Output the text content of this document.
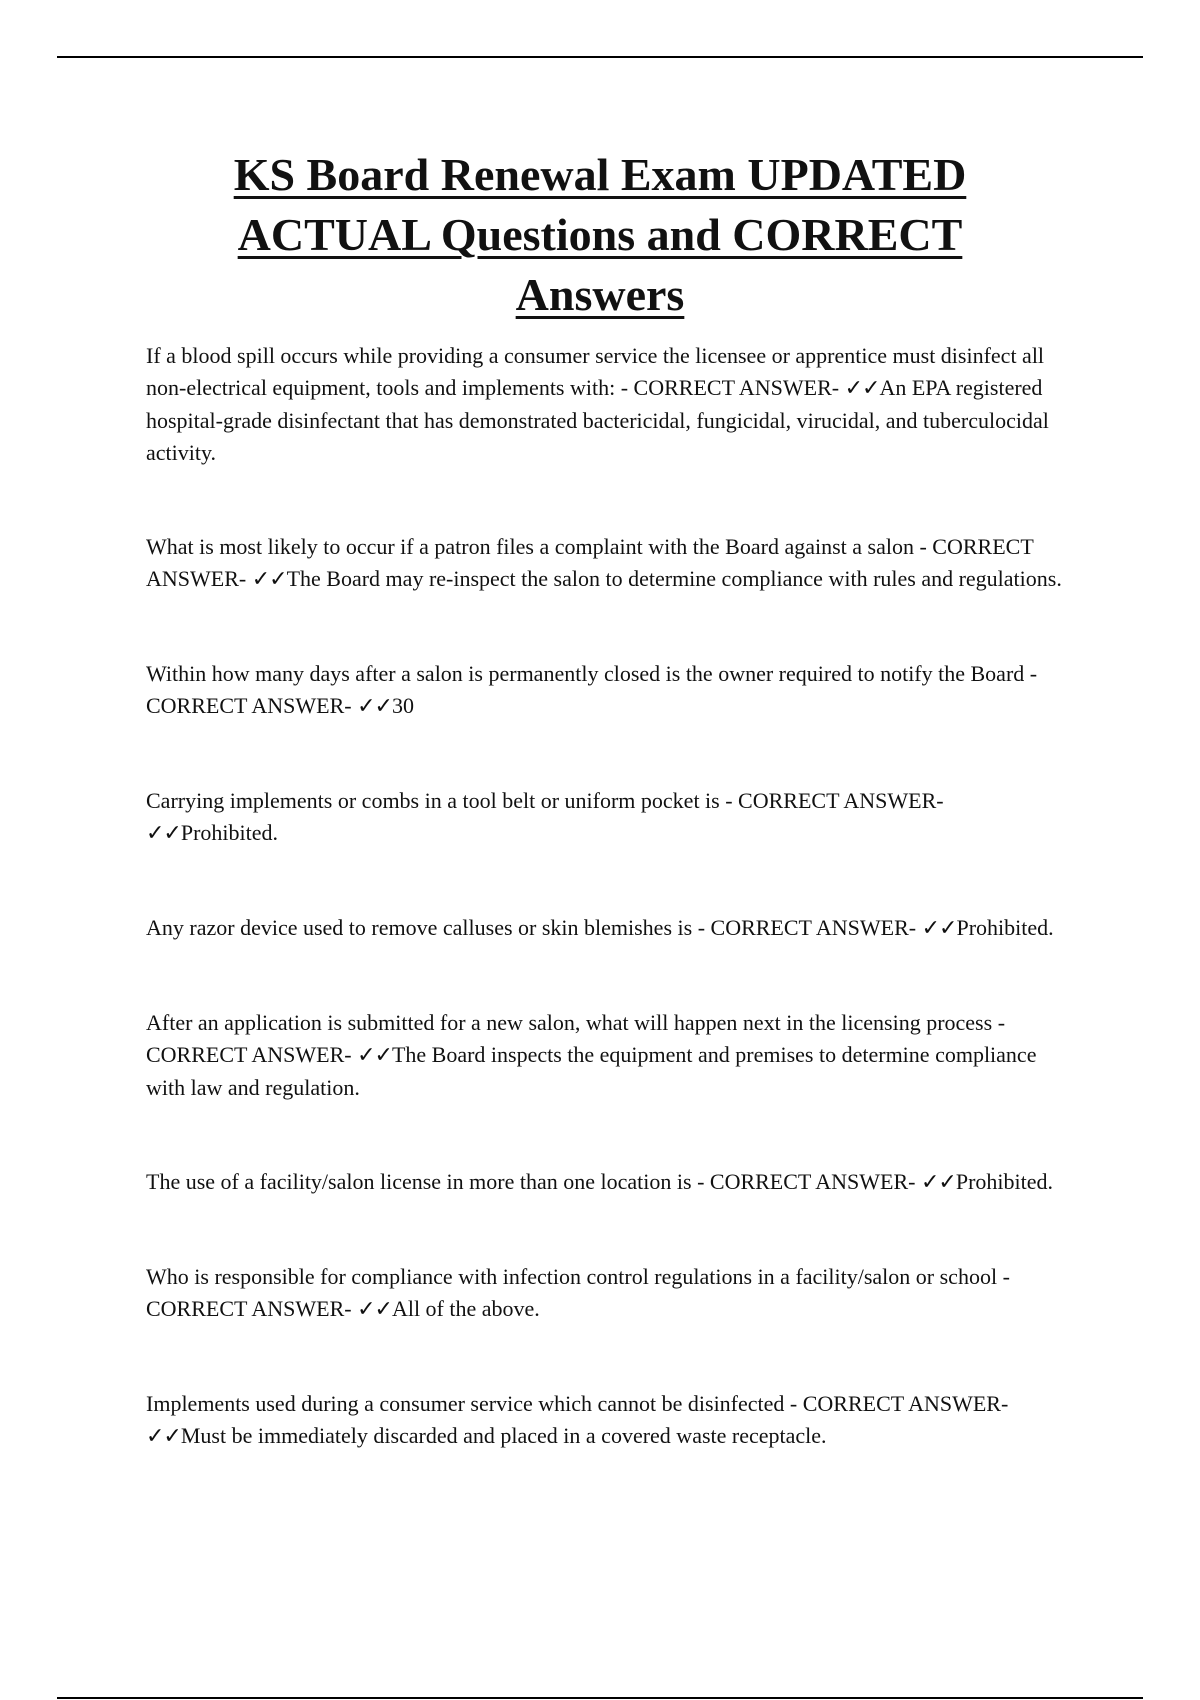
KS Board Renewal Exam UPDATED ACTUAL Questions and CORRECT Answers
If a blood spill occurs while providing a consumer service the licensee or apprentice must disinfect all non-electrical equipment, tools and implements with: - CORRECT ANSWER- ✓✓An EPA registered hospital-grade disinfectant that has demonstrated bactericidal, fungicidal, virucidal, and tuberculocidal activity.
What is most likely to occur if a patron files a complaint with the Board against a salon - CORRECT ANSWER- ✓✓The Board may re-inspect the salon to determine compliance with rules and regulations.
Within how many days after a salon is permanently closed is the owner required to notify the Board - CORRECT ANSWER- ✓✓30
Carrying implements or combs in a tool belt or uniform pocket is - CORRECT ANSWER- ✓✓Prohibited.
Any razor device used to remove calluses or skin blemishes is - CORRECT ANSWER- ✓✓Prohibited.
After an application is submitted for a new salon, what will happen next in the licensing process - CORRECT ANSWER- ✓✓The Board inspects the equipment and premises to determine compliance with law and regulation.
The use of a facility/salon license in more than one location is - CORRECT ANSWER- ✓✓Prohibited.
Who is responsible for compliance with infection control regulations in a facility/salon or school - CORRECT ANSWER- ✓✓All of the above.
Implements used during a consumer service which cannot be disinfected - CORRECT ANSWER- ✓✓Must be immediately discarded and placed in a covered waste receptacle.
